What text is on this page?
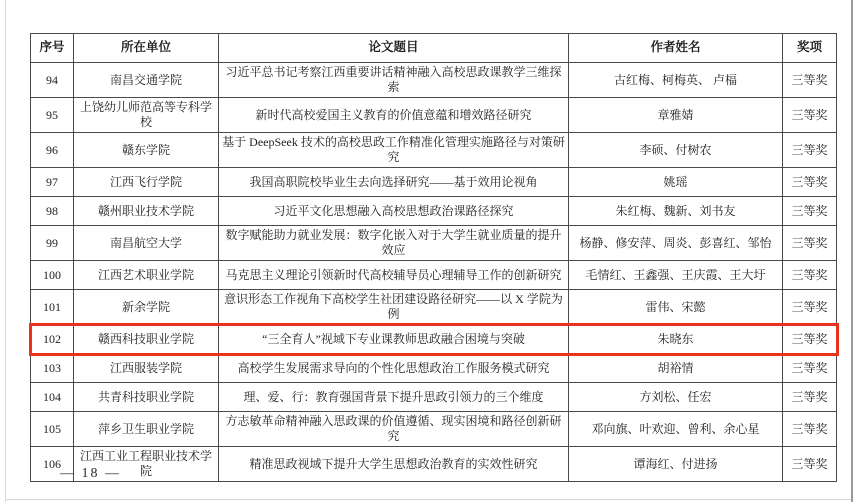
序号	所在单位	论文题目	作者姓名	奖项
94	南昌交通学院	习近平总书记考察江西重要讲话精神融入高校思政课教学三维探索	古红梅、柯梅英、 卢楅	三等奖
95	上饶幼儿师范高等专科学校	新时代高校爱国主义教育的价值意蕴和增效路径研究	章雅婧	三等奖
96	赣东学院	基于 DeepSeek 技术的高校思政工作精准化管理实施路径与对策研究	李硕、付树农	三等奖
97	江西飞行学院	我国高职院校毕业生去向选择研究——基于效用论视角	姚瑶	三等奖
98	赣州职业技术学院	习近平文化思想融入高校思想政治课路径探究	朱红梅、魏新、刘书友	三等奖
99	南昌航空大学	数字赋能助力就业发展：数字化嵌入对于大学生就业质量的提升效应	杨静、修安萍、周炎、彭喜红、邹怡	三等奖
100	江西艺术职业学院	马克思主义理论引领新时代高校辅导员心理辅导工作的创新研究	毛情红、王鑫强、王庆霞、王大圩	三等奖
101	新余学院	意识形态工作视角下高校学生社团建设路径研究——以 X 学院为例	雷伟、宋懿	三等奖
102	赣西科技职业学院	“三全育人”视域下专业课教师思政融合困境与突破	朱晓东	三等奖
103	江西服装学院	高校学生发展需求导向的个性化思想政治工作服务模式研究	胡裕情	三等奖
104	共青科技职业学院	理、爱、行：教育强国背景下提升思政引领力的三个维度	方刘松、任宏	三等奖
105	萍乡卫生职业学院	方志敏革命精神融入思政课的价值遵循、现实困境和路径创新研究	邓向旗、叶欢迎、曾利、余心星	三等奖
106	江西工业工程职业技术学院	精准思政视域下提升大学生思想政治教育的实效性研究	谭海红、付进扬	三等奖
— 18 —
